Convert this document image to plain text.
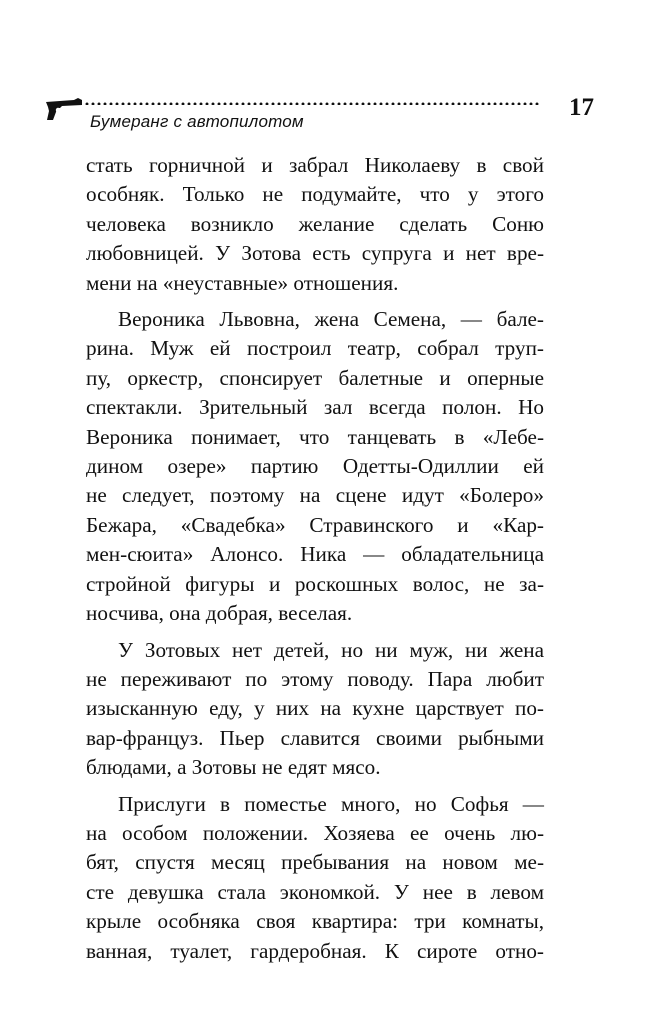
Бумеранг с автопилотом
17

стать горничной и забрал Николаеву в свой
особняк. Только не подумайте, что у этого
человека возникло желание сделать Соню
любовницей. У Зотова есть супруга и нет вре-
мени на «неуставные» отношения.

Вероника Львовна, жена Семена, — бале-
рина. Муж ей построил театр, собрал труп-
пу, оркестр, спонсирует балетные и оперные
спектакли. Зрительный зал всегда полон. Но
Вероника понимает, что танцевать в «Лебе-
дином озере» партию Одетты-Одиллии ей
не следует, поэтому на сцене идут «Болеро»
Бежара, «Свадебка» Стравинского и «Кар-
мен-сюита» Алонсо. Ника — обладательница
стройной фигуры и роскошных волос, не за-
носчива, она добрая, веселая.

У Зотовых нет детей, но ни муж, ни жена
не переживают по этому поводу. Пара любит
изысканную еду, у них на кухне царствует по-
вар-француз. Пьер славится своими рыбными
блюдами, а Зотовы не едят мясо.

Прислуги в поместье много, но Софья —
на особом положении. Хозяева ее очень лю-
бят, спустя месяц пребывания на новом ме-
сте девушка стала экономкой. У нее в левом
крыле особняка своя квартира: три комнаты,
ванная, туалет, гардеробная. К сироте отно-
